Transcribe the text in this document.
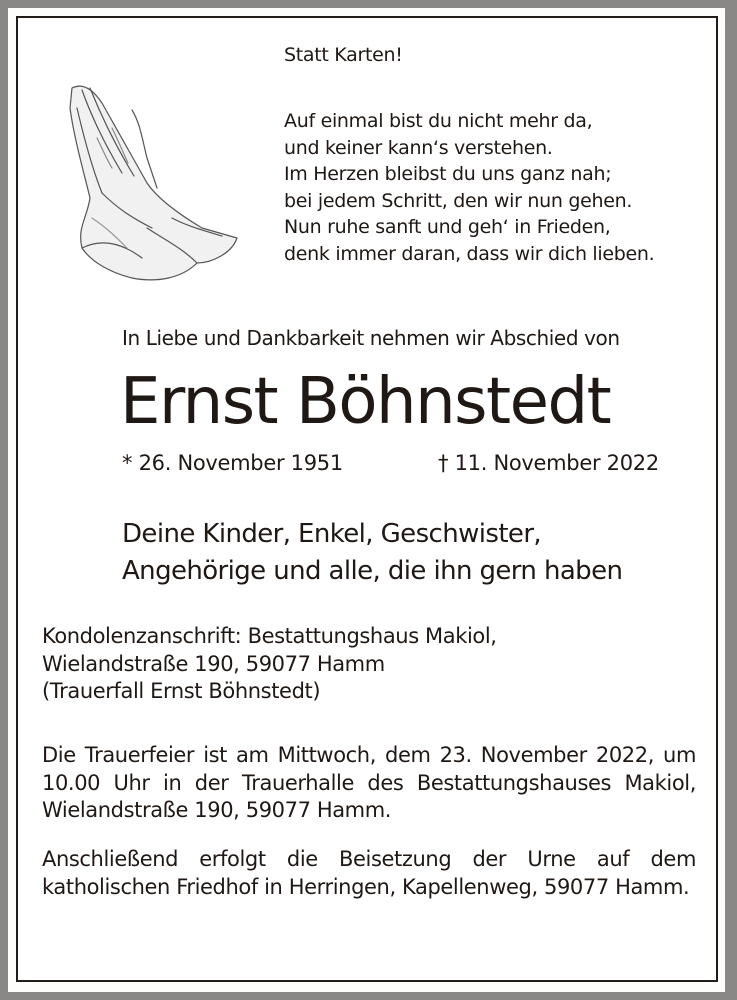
Statt Karten!
Auf einmal bist du nicht mehr da,
und keiner kann‘s verstehen.
Im Herzen bleibst du uns ganz nah;
bei jedem Schritt, den wir nun gehen.
Nun ruhe sanft und geh‘ in Frieden,
denk immer daran, dass wir dich lieben.
In Liebe und Dankbarkeit nehmen wir Abschied von
Ernst Böhnstedt
* 26. November 1951	† 11. November 2022
Deine Kinder, Enkel, Geschwister,
Angehörige und alle, die ihn gern haben
Kondolenzanschrift: Bestattungshaus Makiol,
Wielandstraße 190, 59077 Hamm
(Trauerfall Ernst Böhnstedt)
Die Trauerfeier ist am Mittwoch, dem 23. November 2022, um 10.00 Uhr in der Trauerhalle des Bestattungshauses Makiol, Wielandstraße 190, 59077 Hamm.
Anschließend erfolgt die Beisetzung der Urne auf dem katholischen Friedhof in Herringen, Kapellenweg, 59077 Hamm.
